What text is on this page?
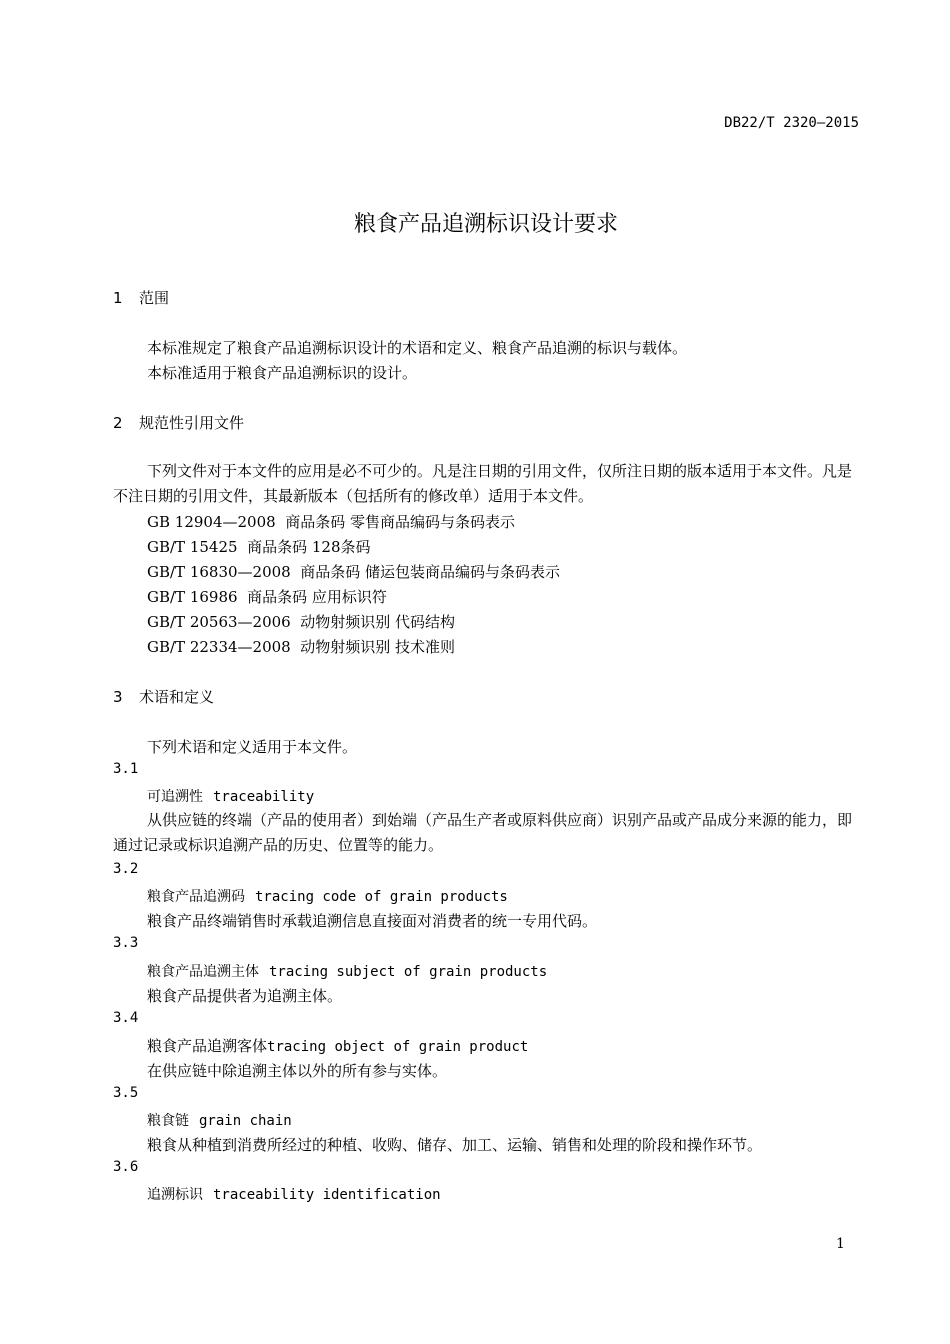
DB22/T 2320—2015
粮食产品追溯标识设计要求
1 范围
本标准规定了粮食产品追溯标识设计的术语和定义、粮食产品追溯的标识与载体。
本标准适用于粮食产品追溯标识的设计。
2 规范性引用文件
下列文件对于本文件的应用是必不可少的。凡是注日期的引用文件，仅所注日期的版本适用于本文件。凡是不注日期的引用文件，其最新版本（包括所有的修改单）适用于本文件。
GB 12904—2008 商品条码 零售商品编码与条码表示
GB/T 15425 商品条码 128条码
GB/T 16830—2008 商品条码 储运包装商品编码与条码表示
GB/T 16986 商品条码 应用标识符
GB/T 20563—2006 动物射频识别 代码结构
GB/T 22334—2008 动物射频识别 技术准则
3 术语和定义
下列术语和定义适用于本文件。
3.1
可追溯性 traceability
从供应链的终端（产品的使用者）到始端（产品生产者或原料供应商）识别产品或产品成分来源的能力，即通过记录或标识追溯产品的历史、位置等的能力。
3.2
粮食产品追溯码 tracing code of grain products
粮食产品终端销售时承载追溯信息直接面对消费者的统一专用代码。
3.3
粮食产品追溯主体 tracing subject of grain products
粮食产品提供者为追溯主体。
3.4
粮食产品追溯客体tracing object of grain product
在供应链中除追溯主体以外的所有参与实体。
3.5
粮食链 grain chain
粮食从种植到消费所经过的种植、收购、储存、加工、运输、销售和处理的阶段和操作环节。
3.6
追溯标识 traceability identification
1
